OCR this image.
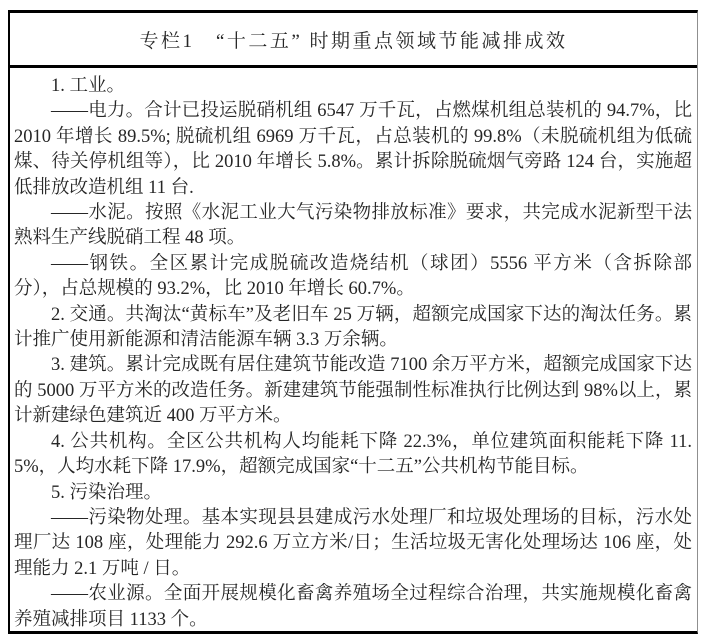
专栏1　“十二五” 时期重点领域节能减排成效

1. 工业。

——电力。合计已投运脱硝机组 6547 万千瓦，占燃煤机组总装机的 94.7%，比 2010 年增长 89.5%; 脱硫机组 6969 万千瓦，占总装机的 99.8%（未脱硫机组为低硫煤、待关停机组等），比 2010 年增长 5.8%。累计拆除脱硫烟气旁路 124 台，实施超低排放改造机组 11 台.

——水泥。按照《水泥工业大气污染物排放标准》要求，共完成水泥新型干法熟料生产线脱硝工程 48 项。

——钢铁。全区累计完成脱硫改造烧结机（球团）5556 平方米（含拆除部分），占总规模的 93.2%，比 2010 年增长 60.7%。

2. 交通。共淘汰“黄标车”及老旧车 25 万辆，超额完成国家下达的淘汰任务。累计推广使用新能源和清洁能源车辆 3.3 万余辆。

3. 建筑。累计完成既有居住建筑节能改造 7100 余万平方米，超额完成国家下达的 5000 万平方米的改造任务。新建建筑节能强制性标准执行比例达到 98%以上，累计新建绿色建筑近 400 万平方米。

4. 公共机构。全区公共机构人均能耗下降 22.3%，单位建筑面积能耗下降 11.5%，人均水耗下降 17.9%，超额完成国家“十二五”公共机构节能目标。

5. 污染治理。

——污染物处理。基本实现县县建成污水处理厂和垃圾处理场的目标，污水处理厂达 108 座，处理能力 292.6 万立方米/日；生活垃圾无害化处理场达 106 座，处理能力 2.1 万吨 / 日。

——农业源。全面开展规模化畜禽养殖场全过程综合治理，共实施规模化畜禽养殖减排项目 1133 个。
